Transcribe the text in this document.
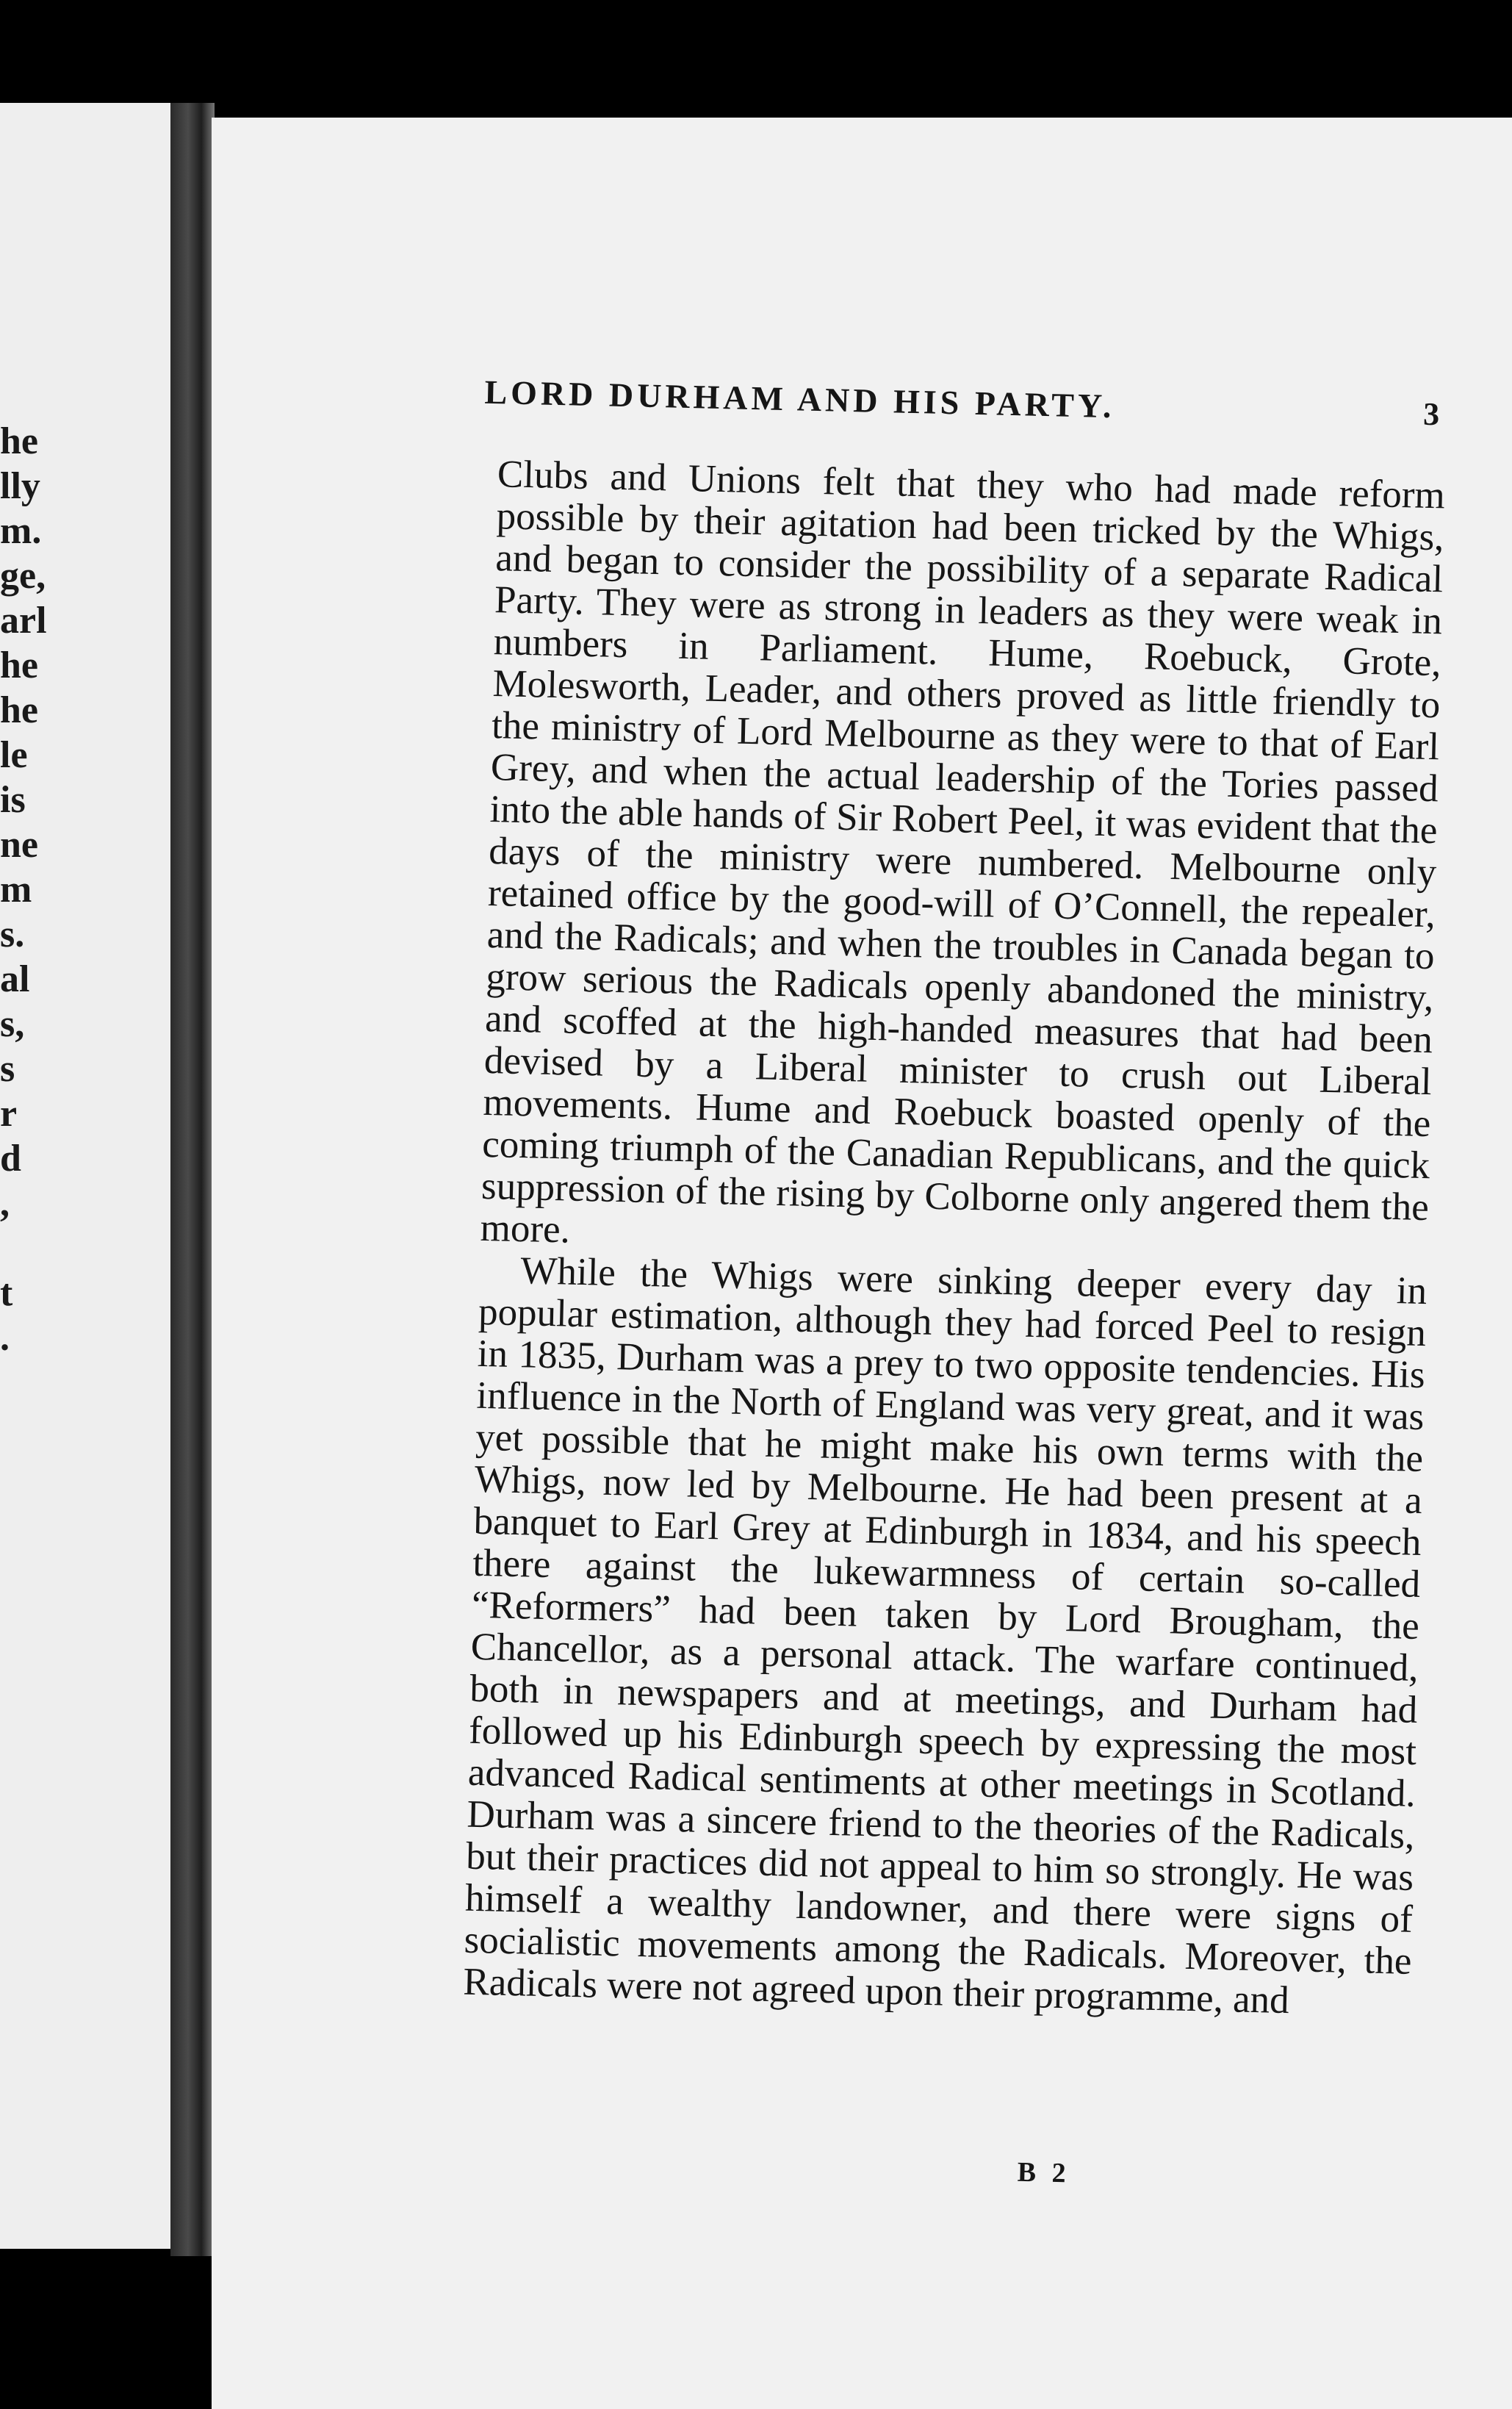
he
lly
m.
ge,
arl
he
he
le
is
ne
m
s.
al
s,
s
r
d
,

t
.
LORD DURHAM AND HIS PARTY.	3

Clubs and Unions felt that they who had made reform possible by their agitation had been tricked by the Whigs, and began to consider the possibility of a separate Radical Party. They were as strong in leaders as they were weak in numbers in Parliament. Hume, Roebuck, Grote, Molesworth, Leader, and others proved as little friendly to the ministry of Lord Melbourne as they were to that of Earl Grey, and when the actual leadership of the Tories passed into the able hands of Sir Robert Peel, it was evident that the days of the ministry were numbered. Melbourne only retained office by the good-will of O’Connell, the repealer, and the Radicals; and when the troubles in Canada began to grow serious the Radicals openly abandoned the ministry, and scoffed at the high-handed measures that had been devised by a Liberal minister to crush out Liberal movements. Hume and Roebuck boasted openly of the coming triumph of the Canadian Republicans, and the quick suppression of the rising by Colborne only angered them the more.

While the Whigs were sinking deeper every day in popular estimation, although they had forced Peel to resign in 1835, Durham was a prey to two opposite tendencies. His influence in the North of England was very great, and it was yet possible that he might make his own terms with the Whigs, now led by Melbourne. He had been present at a banquet to Earl Grey at Edinburgh in 1834, and his speech there against the lukewarmness of certain so-called “Reformers” had been taken by Lord Brougham, the Chancellor, as a personal attack. The warfare continued, both in newspapers and at meetings, and Durham had followed up his Edinburgh speech by expressing the most advanced Radical sentiments at other meetings in Scotland. Durham was a sincere friend to the theories of the Radicals, but their practices did not appeal to him so strongly. He was himself a wealthy landowner, and there were signs of socialistic movements among the Radicals. Moreover, the Radicals were not agreed upon their programme, and

B 2
